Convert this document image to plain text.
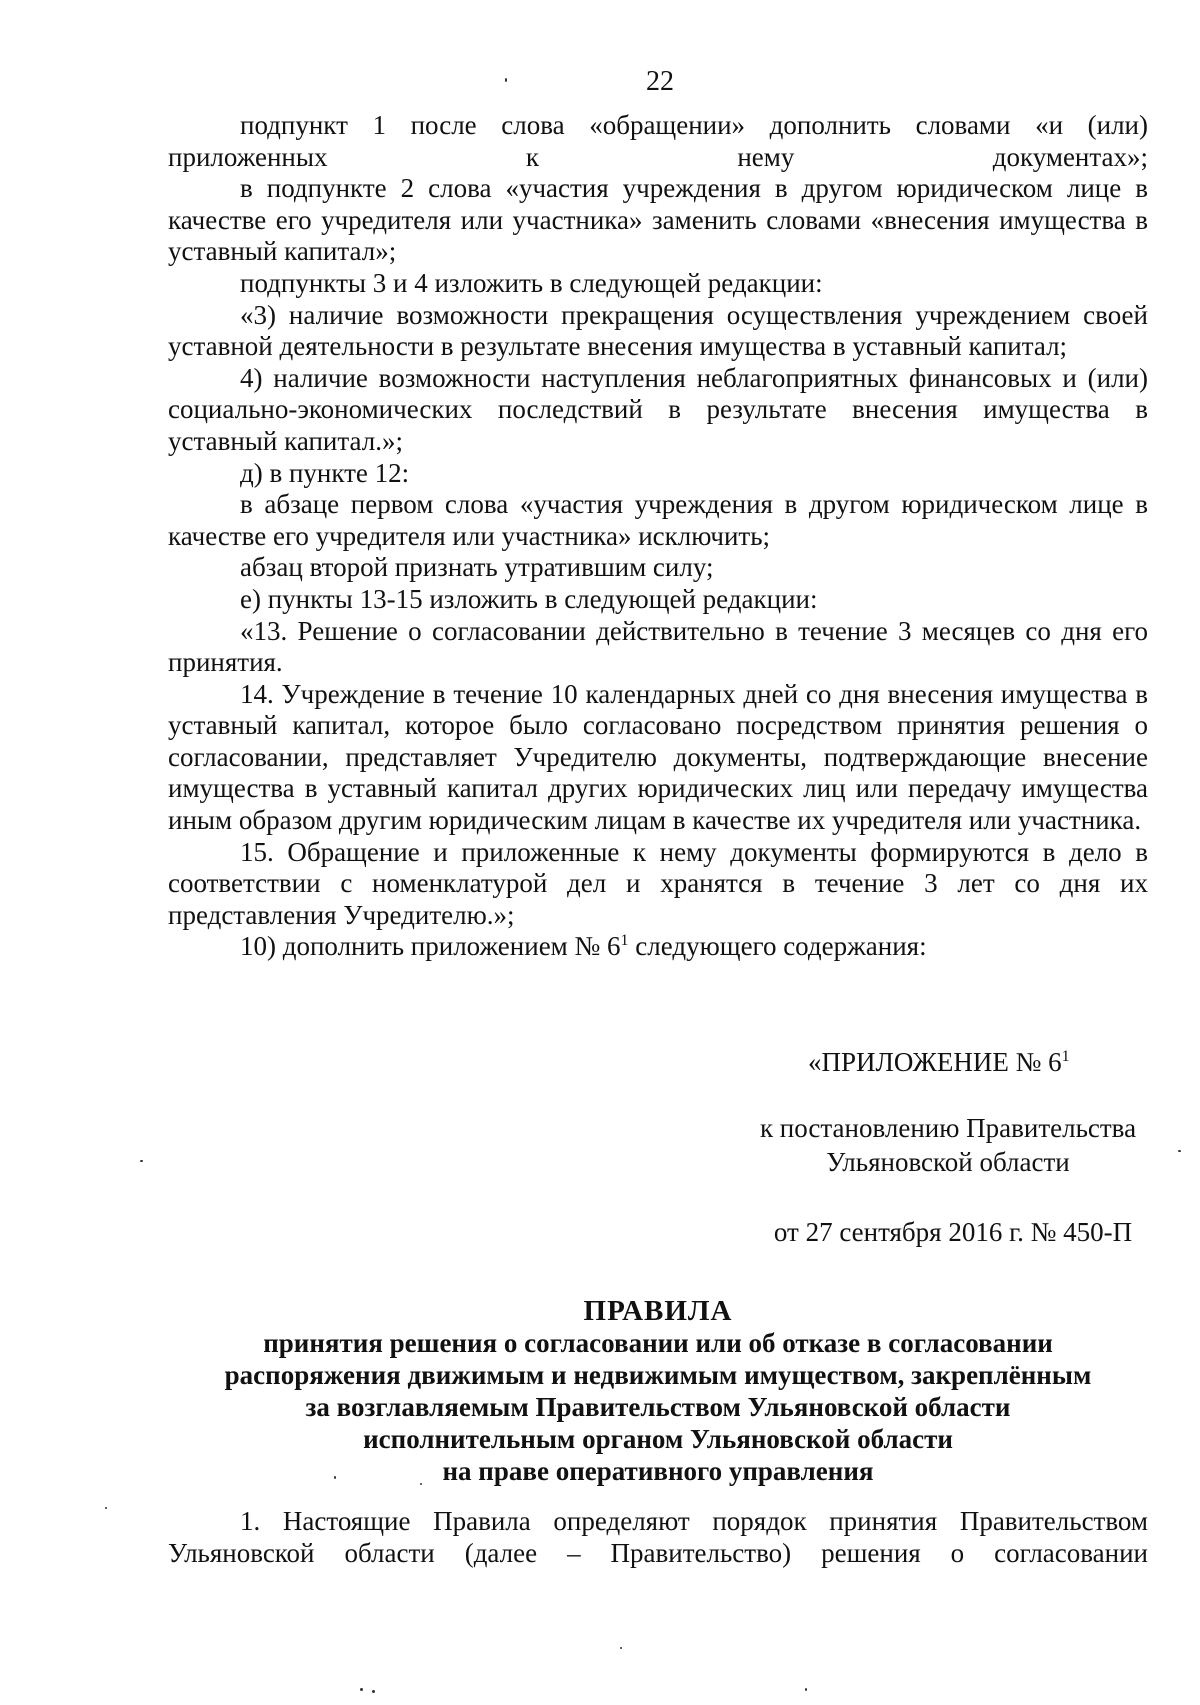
22

подпункт 1 после слова «обращении» дополнить словами «и (или) приложенных к нему документах»;

в подпункте 2 слова «участия учреждения в другом юридическом лице в качестве его учредителя или участника» заменить словами «внесения имущества в уставный капитал»;

подпункты 3 и 4 изложить в следующей редакции:

«3) наличие возможности прекращения осуществления учреждением своей уставной деятельности в результате внесения имущества в уставный капитал;

4) наличие возможности наступления неблагоприятных финансовых и (или) социально-экономических последствий в результате внесения имущества в уставный капитал.»;

д) в пункте 12:

в абзаце первом слова «участия учреждения в другом юридическом лице в качестве его учредителя или участника» исключить;

абзац второй признать утратившим силу;

е) пункты 13-15 изложить в следующей редакции:

«13. Решение о согласовании действительно в течение 3 месяцев со дня его принятия.

14. Учреждение в течение 10 календарных дней со дня внесения имущества в уставный капитал, которое было согласовано посредством принятия решения о согласовании, представляет Учредителю документы, подтверждающие внесение имущества в уставный капитал других юридических лиц или передачу имущества иным образом другим юридическим лицам в качестве их учредителя или участника.

15. Обращение и приложенные к нему документы формируются в дело в соответствии с номенклатурой дел и хранятся в течение 3 лет со дня их представления Учредителю.»;

10) дополнить приложением № $6^1$ следующего содержания:

«ПРИЛОЖЕНИЕ № $6^1$
к постановлению Правительства
Ульяновской области
от 27 сентября 2016 г. № 450-П
ПРАВИЛА
принятия решения о согласовании или об отказе в согласовании
распоряжения движимым и недвижимым имуществом, закреплённым
за возглавляемым Правительством Ульяновской области
исполнительным органом Ульяновской области
на праве оперативного управления

1. Настоящие Правила определяют порядок принятия Правительством Ульяновской области (далее – Правительство) решения о согласовании
